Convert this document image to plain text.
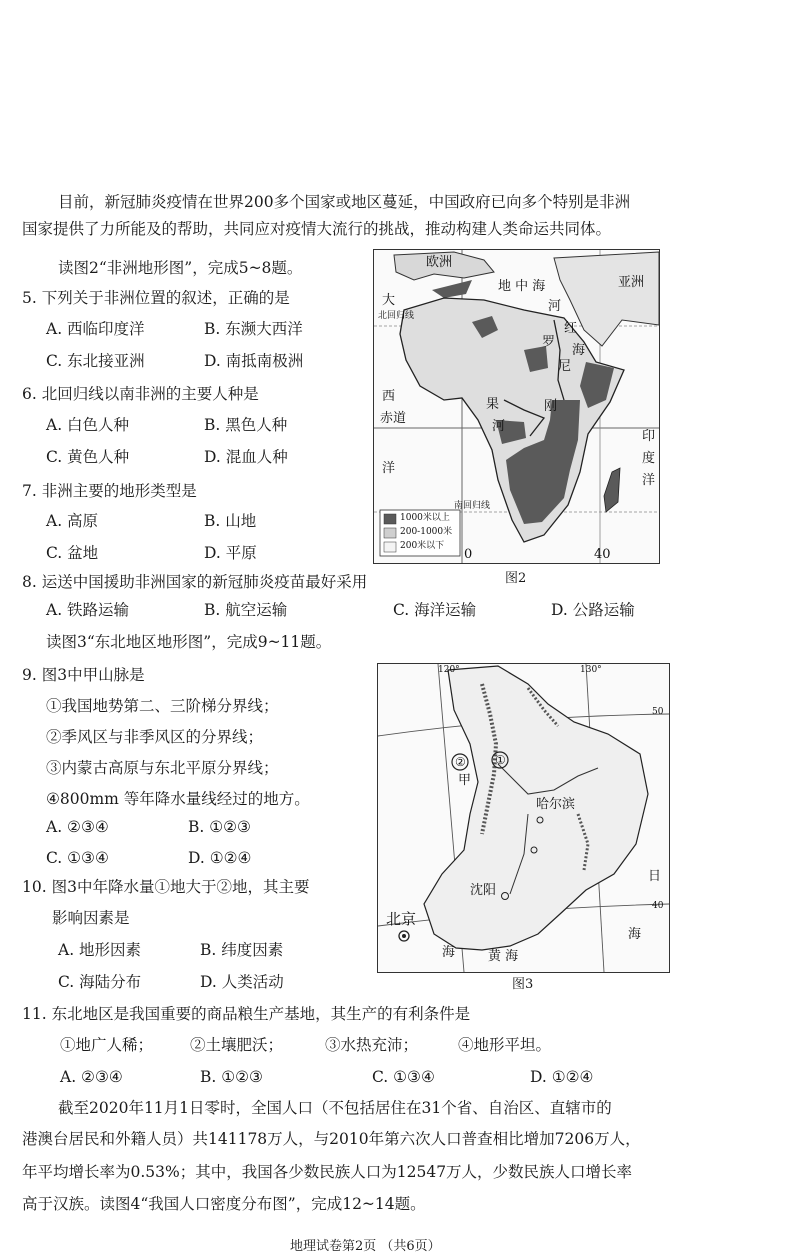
目前，新冠肺炎疫情在世界200多个国家或地区蔓延，中国政府已向多个特别是非洲
国家提供了力所能及的帮助，共同应对疫情大流行的挑战，推动构建人类命运共同体。
读图2“非洲地形图”，完成5~8题。
5. 下列关于非洲位置的叙述，正确的是
A. 西临印度洋	B. 东濒大西洋
C. 东北接亚洲	D. 南抵南极洲
6. 北回归线以南非洲的主要人种是
A. 白色人种	B. 黑色人种
C. 黄色人种	D. 混血人种
7. 非洲主要的地形类型是
A. 高原	B. 山地
C. 盆地	D. 平原
8. 运送中国援助非洲国家的新冠肺炎疫苗最好采用
A. 铁路运输	B. 航空运输	C. 海洋运输	D. 公路运输
读图3“东北地区地形图”，完成9~11题。
9. 图3中甲山脉是
①我国地势第二、三阶梯分界线；
②季风区与非季风区的分界线；
③内蒙古高原与东北平原分界线；
④800mm 等年降水量线经过的地方。
A. ②③④	B. ①②③
C. ①③④	D. ①②④
10. 图3中年降水量①地大于②地，其主要
影响因素是
A. 地形因素	B. 纬度因素
C. 海陆分布	D. 人类活动
11. 东北地区是我国重要的商品粮生产基地，其生产的有利条件是
①地广人稀； ②土壤肥沃；	③水热充沛；	④地形平坦。
A. ②③④	B. ①②③	C. ①③④	D. ①②④
截至2020年11月1日零时，全国人口（不包括居住在31个省、自治区、直辖市的
港澳台居民和外籍人员）共141178万人，与2010年第六次人口普查相比增加7206万人，
年平均增长率为0.53%；其中，我国各少数民族人口为12547万人，少数民族人口增长率
高于汉族。读图4“我国人口密度分布图”，完成12~14题。
欧洲
亚洲
地 中 海
北回归线
南回归线
赤道
大
西
洋
红
海
河
罗
尼
果
河
刚
印
度
洋
1000米以上
200-1000米
200米以下
0	40
图2
120°	130°
50
40
② ①
甲
哈尔滨
沈阳
北京
海	黄 海
海
日
图3
地理试卷第2页 （共6页）
